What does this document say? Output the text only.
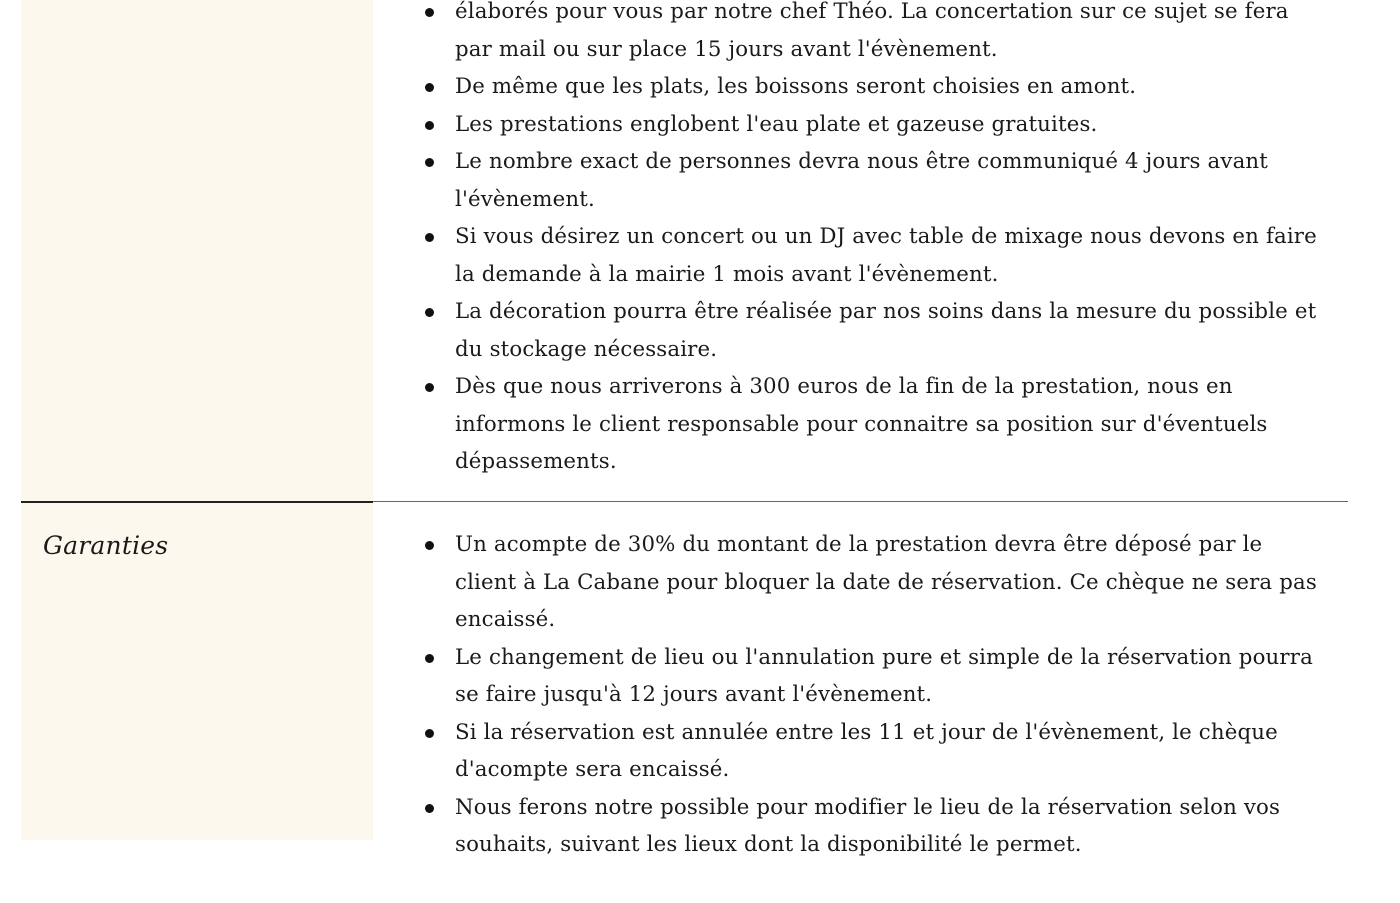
élaborés pour vous par notre chef Théo. La concertation sur ce sujet se fera par mail ou sur place 15 jours avant l'évènement.
De même que les plats, les boissons seront choisies en amont.
Les prestations englobent l'eau plate et gazeuse gratuites.
Le nombre exact de personnes devra nous être communiqué 4 jours avant l'évènement.
Si vous désirez un concert ou un DJ avec table de mixage nous devons en faire la demande à la mairie 1 mois avant l'évènement.
La décoration pourra être réalisée par nos soins dans la mesure du possible et du stockage nécessaire.
Dès que nous arriverons à 300 euros de la fin de la prestation, nous en informons le client responsable pour connaitre sa position sur d'éventuels dépassements.
Garanties	Un acompte de 30% du montant de la prestation devra être déposé par le client à La Cabane pour bloquer la date de réservation. Ce chèque ne sera pas encaissé.
Le changement de lieu ou l'annulation pure et simple de la réservation pourra se faire jusqu'à 12 jours avant l'évènement.
Si la réservation est annulée entre les 11 et jour de l'évènement, le chèque d'acompte sera encaissé.
Nous ferons notre possible pour modifier le lieu de la réservation selon vos souhaits, suivant les lieux dont la disponibilité le permet.
